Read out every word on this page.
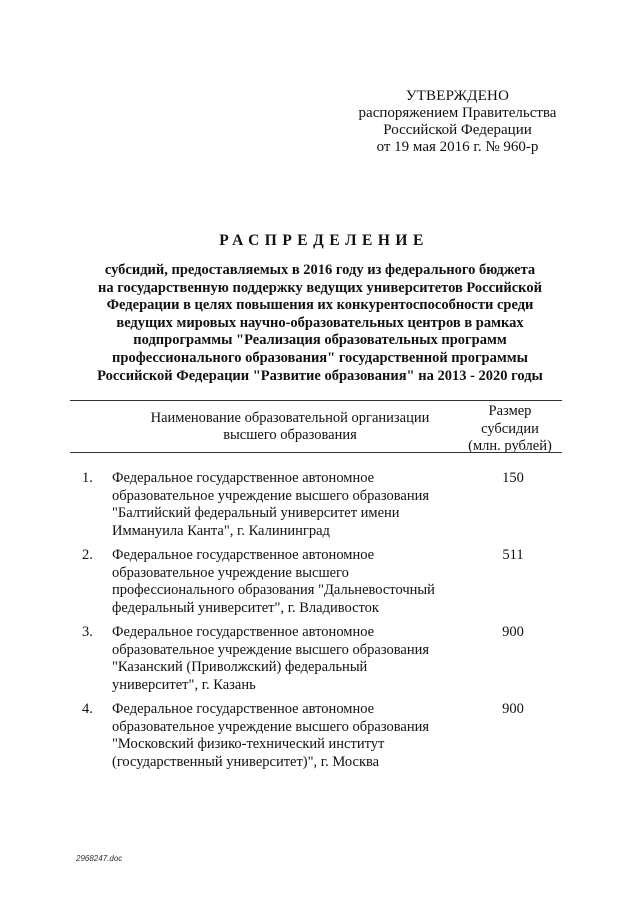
УТВЕРЖДЕНО
распоряжением Правительства
Российской Федерации
от 19 мая 2016 г. № 960-р
РАСПРЕДЕЛЕНИЕ
субсидий, предоставляемых в 2016 году из федерального бюджета
на государственную поддержку ведущих университетов Российской
Федерации в целях повышения их конкурентоспособности среди
ведущих мировых научно-образовательных центров в рамках
подпрограммы "Реализация образовательных программ
профессионального образования" государственной программы
Российской Федерации "Развитие образования" на 2013 - 2020 годы
Наименование образовательной организации
высшего образования
Размер
субсидии
(млн. рублей)
1. Федеральное государственное автономное
образовательное учреждение высшего образования
"Балтийский федеральный университет имени
Иммануила Канта", г. Калининград
150
2. Федеральное государственное автономное
образовательное учреждение высшего
профессионального образования "Дальневосточный
федеральный университет", г. Владивосток
511
3. Федеральное государственное автономное
образовательное учреждение высшего образования
"Казанский (Приволжский) федеральный
университет", г. Казань
900
4. Федеральное государственное автономное
образовательное учреждение высшего образования
"Московский физико-технический институт
(государственный университет)", г. Москва
900
2968247.doc
